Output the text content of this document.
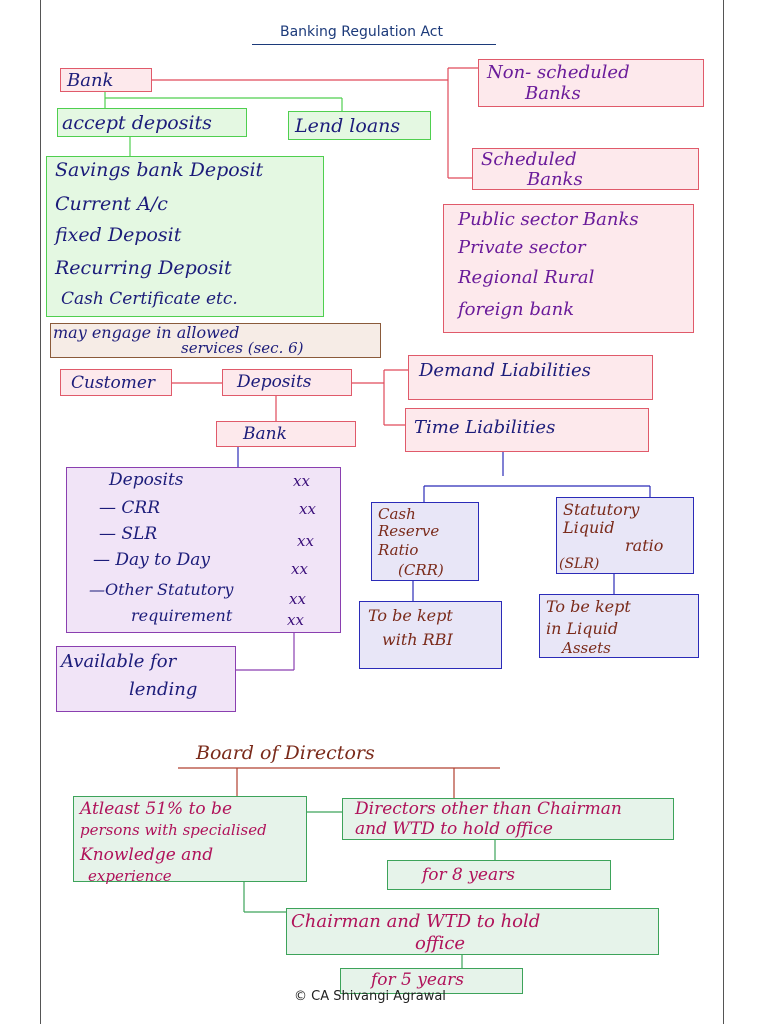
Banking Regulation Act
Bank
accept deposits	Lend loans
Non- scheduled
Banks
Scheduled
Banks
Savings bank Deposit
Current A/c
fixed Deposit
Recurring Deposit
Cash Certificate etc.
Public sector Banks
Private sector
Regional Rural
foreign bank
may engage in allowed
services (sec. 6)
Customer	Deposits
Demand Liabilities
Time Liabilities
Bank
Deposits	xx
— CRR	xx
— SLR	xx
— Day to Day	xx
—Other Statutory	xx
requirement	xx
Available for
lending
Cash
Reserve
Ratio
(CRR)
Statutory
Liquid
ratio
(SLR)
To be kept
with RBI
To be kept
in Liquid
Assets
Board of Directors
Atleast 51% to be
persons with specialised
Knowledge and
experience
Directors other than Chairman
and WTD to hold office
for 8 years
Chairman and WTD to hold
office
for 5 years
© CA Shivangi Agrawal
